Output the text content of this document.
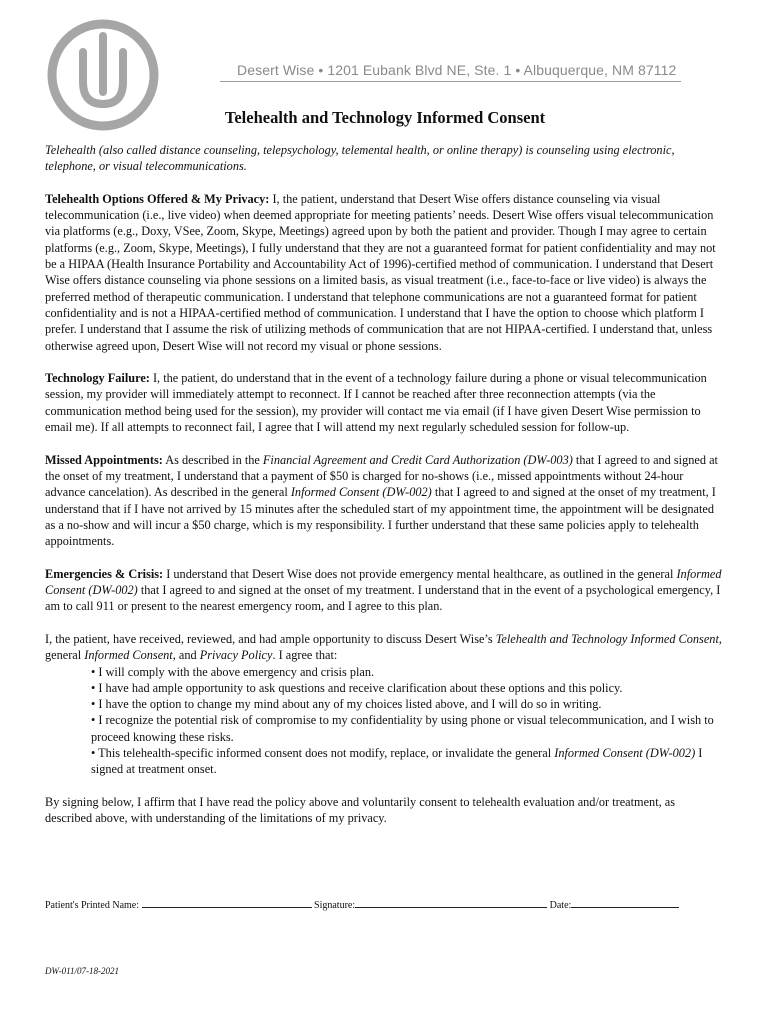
Desert Wise • 1201 Eubank Blvd NE, Ste. 1 • Albuquerque, NM 87112
Telehealth and Technology Informed Consent

Telehealth (also called distance counseling, telepsychology, telemental health, or online therapy) is counseling using electronic, telephone, or visual telecommunications.

Telehealth Options Offered & My Privacy: I, the patient, understand that Desert Wise offers distance counseling via visual telecommunication (i.e., live video) when deemed appropriate for meeting patients’ needs. Desert Wise offers visual telecommunication via platforms (e.g., Doxy, VSee, Zoom, Skype, Meetings) agreed upon by both the patient and provider. Though I may agree to certain platforms (e.g., Zoom, Skype, Meetings), I fully understand that they are not a guaranteed format for patient confidentiality and may not be a HIPAA (Health Insurance Portability and Accountability Act of 1996)-certified method of communication. I understand that Desert Wise offers distance counseling via phone sessions on a limited basis, as visual treatment (i.e., face-to-face or live video) is always the preferred method of therapeutic communication. I understand that telephone communications are not a guaranteed format for patient confidentiality and is not a HIPAA-certified method of communication. I understand that I have the option to choose which platform I prefer. I understand that I assume the risk of utilizing methods of communication that are not HIPAA-certified. I understand that, unless otherwise agreed upon, Desert Wise will not record my visual or phone sessions.

Technology Failure: I, the patient, do understand that in the event of a technology failure during a phone or visual telecommunication session, my provider will immediately attempt to reconnect. If I cannot be reached after three reconnection attempts (via the communication method being used for the session), my provider will contact me via email (if I have given Desert Wise permission to email me). If all attempts to reconnect fail, I agree that I will attend my next regularly scheduled session for follow-up.

Missed Appointments: As described in the Financial Agreement and Credit Card Authorization (DW-003) that I agreed to and signed at the onset of my treatment, I understand that a payment of $50 is charged for no-shows (i.e., missed appointments without 24-hour advance cancelation). As described in the general Informed Consent (DW-002) that I agreed to and signed at the onset of my treatment, I understand that if I have not arrived by 15 minutes after the scheduled start of my appointment time, the appointment will be designated as a no-show and will incur a $50 charge, which is my responsibility. I further understand that these same policies apply to telehealth appointments.

Emergencies & Crisis: I understand that Desert Wise does not provide emergency mental healthcare, as outlined in the general Informed Consent (DW-002) that I agreed to and signed at the onset of my treatment. I understand that in the event of a psychological emergency, I am to call 911 or present to the nearest emergency room, and I agree to this plan.

I, the patient, have received, reviewed, and had ample opportunity to discuss Desert Wise’s Telehealth and Technology Informed Consent, general Informed Consent, and Privacy Policy. I agree that:

• I will comply with the above emergency and crisis plan.
• I have had ample opportunity to ask questions and receive clarification about these options and this policy.
• I have the option to change my mind about any of my choices listed above, and I will do so in writing.
• I recognize the potential risk of compromise to my confidentiality by using phone or visual telecommunication, and I wish to proceed knowing these risks.
• This telehealth-specific informed consent does not modify, replace, or invalidate the general Informed Consent (DW-002) I signed at treatment onset.

By signing below, I affirm that I have read the policy above and voluntarily consent to telehealth evaluation and/or treatment, as described above, with understanding of the limitations of my privacy.

Patient's Printed Name:	Signature:	Date:
DW-011/07-18-2021
